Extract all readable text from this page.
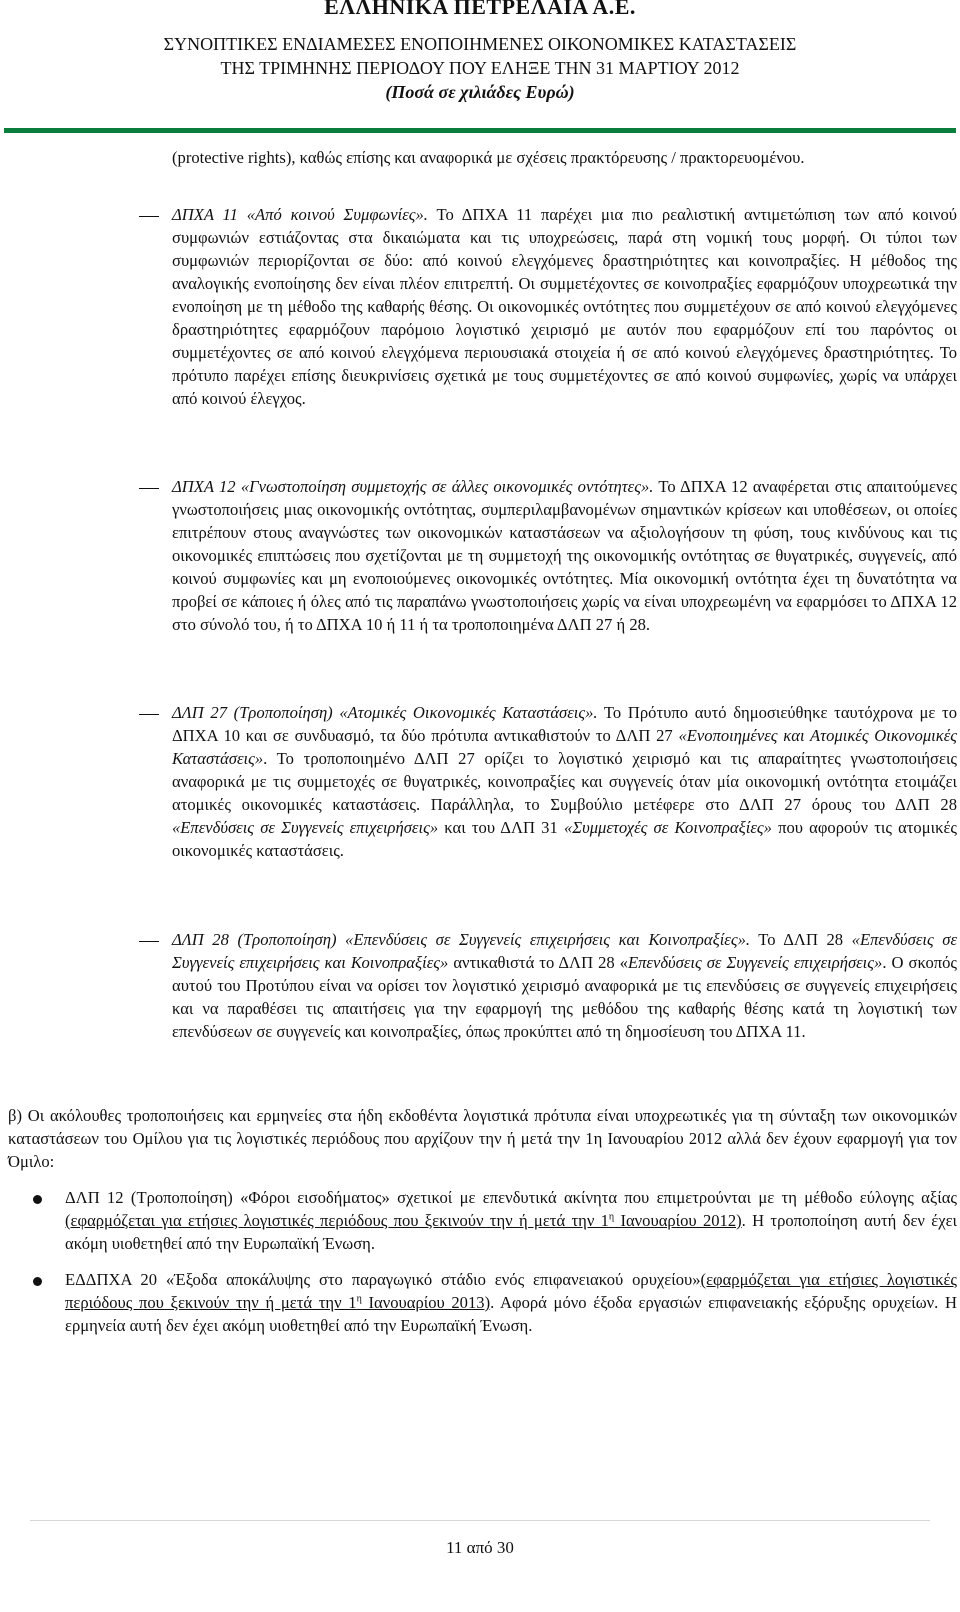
ΕΛΛΗΝΙΚΑ ΠΕΤΡΕΛΑΙΑ Α.Ε.
ΣΥΝΟΠΤΙΚΕΣ ΕΝΔΙΑΜΕΣΕΣ ΕΝΟΠΟΙΗΜΕΝΕΣ ΟΙΚΟΝΟΜΙΚΕΣ ΚΑΤΑΣΤΑΣΕΙΣ
ΤΗΣ ΤΡΙΜΗΝΗΣ ΠΕΡΙΟΔΟΥ ΠΟΥ ΕΛΗΞΕ ΤΗΝ 31 ΜΑΡΤΙΟΥ 2012
(Ποσά σε χιλιάδες Ευρώ)

(protective rights), καθώς επίσης και αναφορικά με σχέσεις πρακτόρευσης / πρακτορευομένου.

ΔΠΧΑ 11 «Από κοινού Συμφωνίες». Το ΔΠΧΑ 11 παρέχει μια πιο ρεαλιστική αντιμετώπιση των από κοινού συμφωνιών εστιάζοντας στα δικαιώματα και τις υποχρεώσεις, παρά στη νομική τους μορφή. Οι τύποι των συμφωνιών περιορίζονται σε δύο: από κοινού ελεγχόμενες δραστηριότητες και κοινοπραξίες. Η μέθοδος της αναλογικής ενοποίησης δεν είναι πλέον επιτρεπτή. Οι συμμετέχοντες σε κοινοπραξίες εφαρμόζουν υποχρεωτικά την ενοποίηση με τη μέθοδο της καθαρής θέσης. Οι οικονομικές οντότητες που συμμετέχουν σε από κοινού ελεγχόμενες δραστηριότητες εφαρμόζουν παρόμοιο λογιστικό χειρισμό με αυτόν που εφαρμόζουν επί του παρόντος οι συμμετέχοντες σε από κοινού ελεγχόμενα περιουσιακά στοιχεία ή σε από κοινού ελεγχόμενες δραστηριότητες. Το πρότυπο παρέχει επίσης διευκρινίσεις σχετικά με τους συμμετέχοντες σε από κοινού συμφωνίες, χωρίς να υπάρχει από κοινού έλεγχος.

ΔΠΧΑ 12 «Γνωστοποίηση συμμετοχής σε άλλες οικονομικές οντότητες». Το ΔΠΧΑ 12 αναφέρεται στις απαιτούμενες γνωστοποιήσεις μιας οικονομικής οντότητας, συμπεριλαμβανομένων σημαντικών κρίσεων και υποθέσεων, οι οποίες επιτρέπουν στους αναγνώστες των οικονομικών καταστάσεων να αξιολογήσουν τη φύση, τους κινδύνους και τις οικονομικές επιπτώσεις που σχετίζονται με τη συμμετοχή της οικονομικής οντότητας σε θυγατρικές, συγγενείς, από κοινού συμφωνίες και μη ενοποιούμενες οικονομικές οντότητες. Μία οικονομική οντότητα έχει τη δυνατότητα να προβεί σε κάποιες ή όλες από τις παραπάνω γνωστοποιήσεις χωρίς να είναι υποχρεωμένη να εφαρμόσει το ΔΠΧΑ 12 στο σύνολό του, ή το ΔΠΧΑ 10 ή 11 ή τα τροποποιημένα ΔΛΠ 27 ή 28.

ΔΛΠ 27 (Τροποποίηση) «Ατομικές Οικονομικές Καταστάσεις». Το Πρότυπο αυτό δημοσιεύθηκε ταυτόχρονα με το ΔΠΧΑ 10 και σε συνδυασμό, τα δύο πρότυπα αντικαθιστούν το ΔΛΠ 27 «Ενοποιημένες και Ατομικές Οικονομικές Καταστάσεις». Το τροποποιημένο ΔΛΠ 27 ορίζει το λογιστικό χειρισμό και τις απαραίτητες γνωστοποιήσεις αναφορικά με τις συμμετοχές σε θυγατρικές, κοινοπραξίες και συγγενείς όταν μία οικονομική οντότητα ετοιμάζει ατομικές οικονομικές καταστάσεις. Παράλληλα, το Συμβούλιο μετέφερε στο ΔΛΠ 27 όρους του ΔΛΠ 28 «Επενδύσεις σε Συγγενείς επιχειρήσεις» και του ΔΛΠ 31 «Συμμετοχές σε Κοινοπραξίες» που αφορούν τις ατομικές οικονομικές καταστάσεις.

ΔΛΠ 28 (Τροποποίηση) «Επενδύσεις σε Συγγενείς επιχειρήσεις και Κοινοπραξίες». Το ΔΛΠ 28 «Επενδύσεις σε Συγγενείς επιχειρήσεις και Κοινοπραξίες» αντικαθιστά το ΔΛΠ 28 «Επενδύσεις σε Συγγενείς επιχειρήσεις». Ο σκοπός αυτού του Προτύπου είναι να ορίσει τον λογιστικό χειρισμό αναφορικά με τις επενδύσεις σε συγγενείς επιχειρήσεις και να παραθέσει τις απαιτήσεις για την εφαρμογή της μεθόδου της καθαρής θέσης κατά τη λογιστική των επενδύσεων σε συγγενείς και κοινοπραξίες, όπως προκύπτει από τη δημοσίευση του ΔΠΧΑ 11.

β) Οι ακόλουθες τροποποιήσεις και ερμηνείες στα ήδη εκδοθέντα λογιστικά πρότυπα είναι υποχρεωτικές για τη σύνταξη των οικονομικών καταστάσεων του Ομίλου για τις λογιστικές περιόδους που αρχίζουν την ή μετά την 1η Ιανουαρίου 2012 αλλά δεν έχουν εφαρμογή για τον Όμιλο:

ΔΛΠ 12 (Τροποποίηση) «Φόροι εισοδήματος» σχετικοί με επενδυτικά ακίνητα που επιμετρούνται με τη μέθοδο εύλογης αξίας (εφαρμόζεται για ετήσιες λογιστικές περιόδους που ξεκινούν την ή μετά την $1^\eta$ Ιανουαρίου 2012). Η τροποποίηση αυτή δεν έχει ακόμη υιοθετηθεί από την Ευρωπαϊκή Ένωση.

ΕΔΔΠΧΑ 20 «Έξοδα αποκάλυψης στο παραγωγικό στάδιο ενός επιφανειακού ορυχείου»(εφαρμόζεται για ετήσιες λογιστικές περιόδους που ξεκινούν την ή μετά την $1^\eta$ Ιανουαρίου 2013). Αφορά μόνο έξοδα εργασιών επιφανειακής εξόρυξης ορυχείων. Η ερμηνεία αυτή δεν έχει ακόμη υιοθετηθεί από την Ευρωπαϊκή Ένωση.

11 από 30
